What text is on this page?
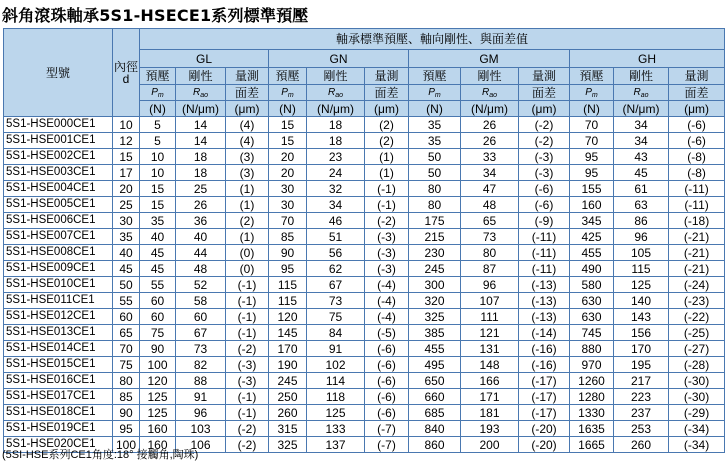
斜角滾珠軸承5S1-HSECE1系列標準預壓
型號	內徑
d	軸承標準預壓、軸向剛性、與面差值											
		GL			GN			GM			GH		
		預壓	剛性	量測	預壓	剛性	量測	預壓	剛性	量測	預壓	剛性	量測
		$P_m$	$R_{ao}$	面差	$P_m$	$R_{ao}$	面差	$P_m$	$R_{ao}$	面差	$P_m$	$R_{ao}$	面差
		(N)	(N/μm)	(μm)	(N)	(N/μm)	(μm)	(N)	(N/μm)	(μm)	(N)	(N/μm)	(μm)
5S1-HSE000CE1	10	5	14	(4)	15	18	(2)	35	26	(-2)	70	34	(-6)
5S1-HSE001CE1	12	5	14	(4)	15	18	(2)	35	26	(-2)	70	34	(-6)
5S1-HSE002CE1	15	10	18	(3)	20	23	(1)	50	33	(-3)	95	43	(-8)
5S1-HSE003CE1	17	10	18	(3)	20	24	(1)	50	34	(-3)	95	45	(-8)
5S1-HSE004CE1	20	15	25	(1)	30	32	(-1)	80	47	(-6)	155	61	(-11)
5S1-HSE005CE1	25	15	26	(1)	30	34	(-1)	80	48	(-6)	160	63	(-11)
5S1-HSE006CE1	30	35	36	(2)	70	46	(-2)	175	65	(-9)	345	86	(-18)
5S1-HSE007CE1	35	40	40	(1)	85	51	(-3)	215	73	(-11)	425	96	(-21)
5S1-HSE008CE1	40	45	44	(0)	90	56	(-3)	230	80	(-11)	455	105	(-21)
5S1-HSE009CE1	45	45	48	(0)	95	62	(-3)	245	87	(-11)	490	115	(-21)
5S1-HSE010CE1	50	55	52	(-1)	115	67	(-4)	300	96	(-13)	580	125	(-24)
5S1-HSE011CE1	55	60	58	(-1)	115	73	(-4)	320	107	(-13)	630	140	(-23)
5S1-HSE012CE1	60	60	60	(-1)	120	75	(-4)	325	111	(-13)	630	143	(-22)
5S1-HSE013CE1	65	75	67	(-1)	145	84	(-5)	385	121	(-14)	745	156	(-25)
5S1-HSE014CE1	70	90	73	(-2)	170	91	(-6)	455	131	(-16)	880	170	(-27)
5S1-HSE015CE1	75	100	82	(-3)	190	102	(-6)	495	148	(-16)	970	195	(-28)
5S1-HSE016CE1	80	120	88	(-3)	245	114	(-6)	650	166	(-17)	1260	217	(-30)
5S1-HSE017CE1	85	125	91	(-1)	250	118	(-6)	660	171	(-17)	1280	223	(-30)
5S1-HSE018CE1	90	125	96	(-1)	260	125	(-6)	685	181	(-17)	1330	237	(-29)
5S1-HSE019CE1	95	160	103	(-2)	315	133	(-7)	840	193	(-20)	1635	253	(-34)
5S1-HSE020CE1	100	160	106	(-2)	325	137	(-7)	860	200	(-20)	1665	260	(-34)
(5SI-HSE系列CE1角度:18° 接觸角,陶珠)
